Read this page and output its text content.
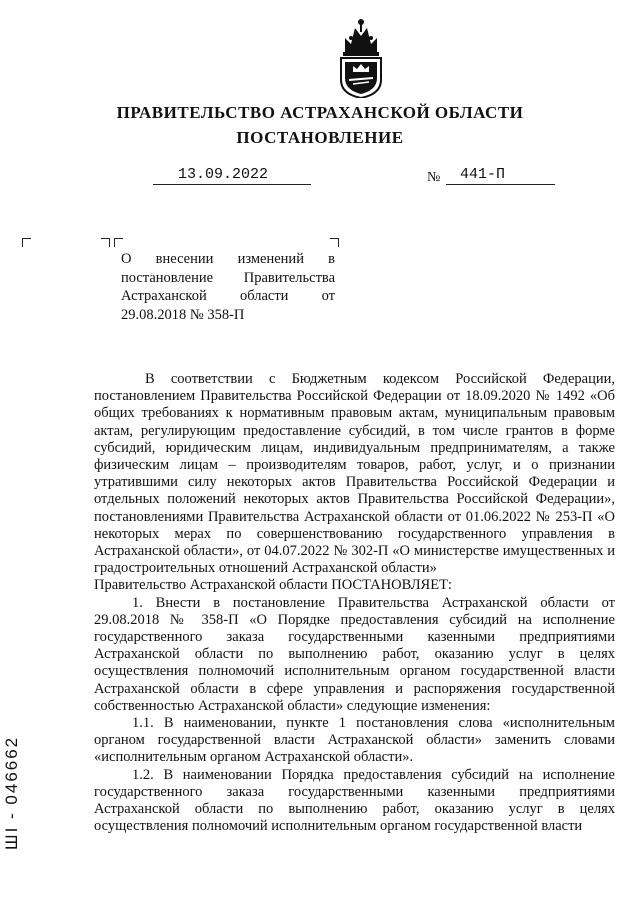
ПРАВИТЕЛЬСТВО АСТРАХАНСКОЙ ОБЛАСТИ
ПОСТАНОВЛЕНИЕ
13.09.2022	№ 441-П
О внесении изменений в постановление Правительства Астраханской области от 29.08.2018 № 358-П

В соответствии с Бюджетным кодексом Российской Федерации, постановлением Правительства Российской Федерации от 18.09.2020 № 1492 «Об общих требованиях к нормативным правовым актам, муниципальным правовым актам, регулирующим предоставление субсидий, в том числе грантов в форме субсидий, юридическим лицам, индивидуальным предпринимателям, а также физическим лицам – производителям товаров, работ, услуг, и о признании утратившими силу некоторых актов Правительства Российской Федерации и отдельных положений некоторых актов Правительства Российской Федерации», постановлениями Правительства Астраханской области от 01.06.2022 № 253-П «О некоторых мерах по совершенствованию государственного управления в Астраханской области», от 04.07.2022 № 302-П «О министерстве имущественных и градостроительных отношений Астраханской области»

Правительство Астраханской области ПОСТАНОВЛЯЕТ:

1. Внести в постановление Правительства Астраханской области от 29.08.2018 № 358-П «О Порядке предоставления субсидий на исполнение государственного заказа государственными казенными предприятиями Астраханской области по выполнению работ, оказанию услуг в целях осуществления полномочий исполнительным органом государственной власти Астраханской области в сфере управления и распоряжения государственной собственностью Астраханской области» следующие изменения:

1.1. В наименовании, пункте 1 постановления слова «исполнительным органом государственной власти Астраханской области» заменить словами «исполнительным органом Астраханской области».

1.2. В наименовании Порядка предоставления субсидий на исполнение государственного заказа государственными казенными предприятиями Астраханской области по выполнению работ, оказанию услуг в целях осуществления полномочий исполнительным органом государственной власти

ШI - 046662
